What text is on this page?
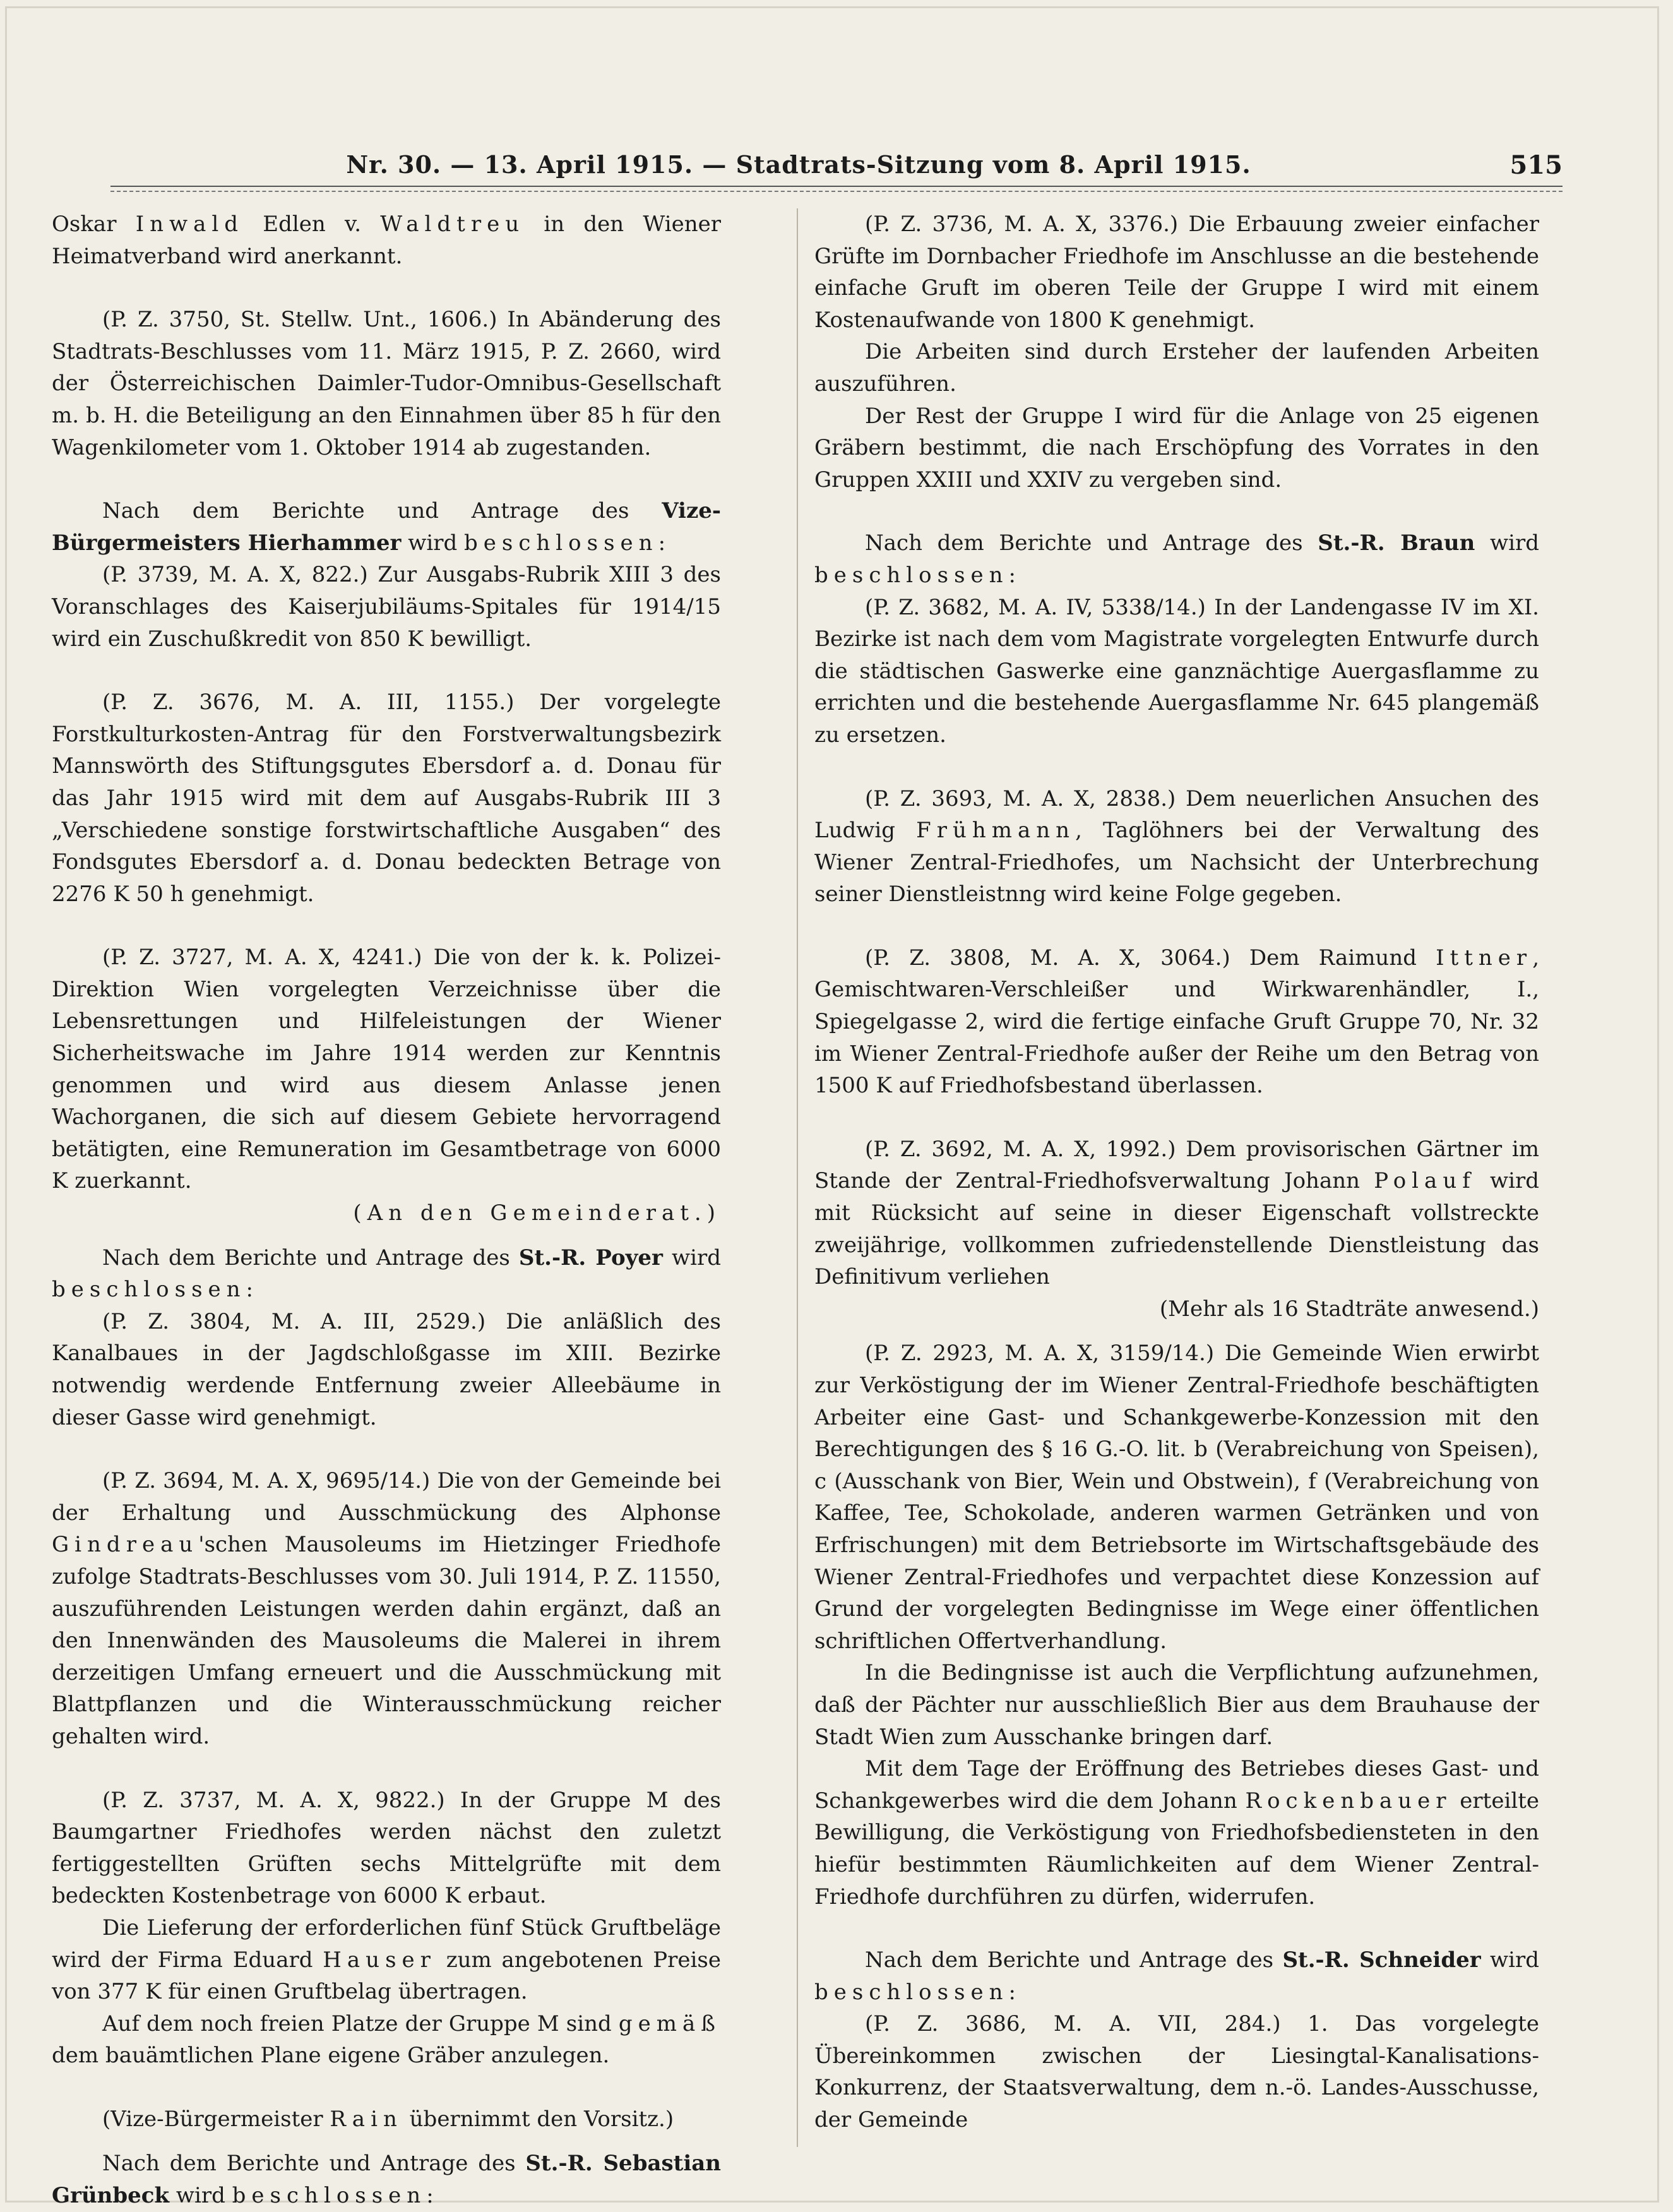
Nr. 30. — 13. April 1915. — Stadtrats-Sitzung vom 8. April 1915.	515

Oskar Inwald Edlen v. Waldtreu in den Wiener Heimatverband wird anerkannt.

(P. Z. 3750, St. Stellw. Unt., 1606.) In Abänderung des Stadtrats-Beschlusses vom 11. März 1915, P. Z. 2660, wird der Österreichischen Daimler-Tudor-Omnibus-Gesellschaft m. b. H. die Beteiligung an den Einnahmen über 85 h für den Wagenkilometer vom 1. Oktober 1914 ab zugestanden.

Nach dem Berichte und Antrage des Vize-Bürgermeisters Hierhammer wird beschlossen:

(P. 3739, M. A. X, 822.) Zur Ausgabs-Rubrik XIII 3 des Voranschlages des Kaiserjubiläums-Spitales für 1914/15 wird ein Zuschußkredit von 850 K bewilligt.

(P. Z. 3676, M. A. III, 1155.) Der vorgelegte Forstkulturkosten-Antrag für den Forstverwaltungsbezirk Mannswörth des Stiftungsgutes Ebersdorf a. d. Donau für das Jahr 1915 wird mit dem auf Ausgabs-Rubrik III 3 „Verschiedene sonstige forstwirtschaftliche Ausgaben“ des Fondsgutes Ebersdorf a. d. Donau bedeckten Betrage von 2276 K 50 h genehmigt.

(P. Z. 3727, M. A. X, 4241.) Die von der k. k. Polizei-Direktion Wien vorgelegten Verzeichnisse über die Lebensrettungen und Hilfeleistungen der Wiener Sicherheitswache im Jahre 1914 werden zur Kenntnis genommen und wird aus diesem Anlasse jenen Wachorganen, die sich auf diesem Gebiete hervorragend betätigten, eine Remuneration im Gesamtbetrage von 6000 K zuerkannt.

(An den Gemeinderat.)

Nach dem Berichte und Antrage des St.-R. Poyer wird beschlossen:

(P. Z. 3804, M. A. III, 2529.) Die anläßlich des Kanalbaues in der Jagdschloßgasse im XIII. Bezirke notwendig werdende Entfernung zweier Alleebäume in dieser Gasse wird genehmigt.

(P. Z. 3694, M. A. X, 9695/14.) Die von der Gemeinde bei der Erhaltung und Ausschmückung des Alphonse Gindreau'schen Mausoleums im Hietzinger Friedhofe zufolge Stadtrats-Beschlusses vom 30. Juli 1914, P. Z. 11550, auszuführenden Leistungen werden dahin ergänzt, daß an den Innenwänden des Mausoleums die Malerei in ihrem derzeitigen Umfang erneuert und die Ausschmückung mit Blattpflanzen und die Winterausschmückung reicher gehalten wird.

(P. Z. 3737, M. A. X, 9822.) In der Gruppe M des Baumgartner Friedhofes werden nächst den zuletzt fertiggestellten Grüften sechs Mittelgrüfte mit dem bedeckten Kostenbetrage von 6000 K erbaut.

Die Lieferung der erforderlichen fünf Stück Gruftbeläge wird der Firma Eduard Hauser zum angebotenen Preise von 377 K für einen Gruftbelag übertragen.

Auf dem noch freien Platze der Gruppe M sind gemäß dem bauämtlichen Plane eigene Gräber anzulegen.

(Vize-Bürgermeister Rain übernimmt den Vorsitz.)

Nach dem Berichte und Antrage des St.-R. Sebastian Grünbeck wird beschlossen:

(P. Z. 3736, M. A. X, 3376.) Die Erbauung zweier einfacher Grüfte im Dornbacher Friedhofe im Anschlusse an die bestehende einfache Gruft im oberen Teile der Gruppe I wird mit einem Kostenaufwande von 1800 K genehmigt.

Die Arbeiten sind durch Ersteher der laufenden Arbeiten auszuführen.

Der Rest der Gruppe I wird für die Anlage von 25 eigenen Gräbern bestimmt, die nach Erschöpfung des Vorrates in den Gruppen XXIII und XXIV zu vergeben sind.

Nach dem Berichte und Antrage des St.-R. Braun wird beschlossen:

(P. Z. 3682, M. A. IV, 5338/14.) In der Landengasse IV im XI. Bezirke ist nach dem vom Magistrate vorgelegten Entwurfe durch die städtischen Gaswerke eine ganznächtige Auergasflamme zu errichten und die bestehende Auergasflamme Nr. 645 plangemäß zu ersetzen.

(P. Z. 3693, M. A. X, 2838.) Dem neuerlichen Ansuchen des Ludwig Frühmann, Taglöhners bei der Verwaltung des Wiener Zentral-Friedhofes, um Nachsicht der Unterbrechung seiner Dienstleistnng wird keine Folge gegeben.

(P. Z. 3808, M. A. X, 3064.) Dem Raimund Ittner, Gemischtwaren-Verschleißer und Wirkwarenhändler, I., Spiegelgasse 2, wird die fertige einfache Gruft Gruppe 70, Nr. 32 im Wiener Zentral-Friedhofe außer der Reihe um den Betrag von 1500 K auf Friedhofsbestand überlassen.

(P. Z. 3692, M. A. X, 1992.) Dem provisorischen Gärtner im Stande der Zentral-Friedhofsverwaltung Johann Polauf wird mit Rücksicht auf seine in dieser Eigenschaft vollstreckte zweijährige, vollkommen zufriedenstellende Dienstleistung das Definitivum verliehen

(Mehr als 16 Stadträte anwesend.)

(P. Z. 2923, M. A. X, 3159/14.) Die Gemeinde Wien erwirbt zur Verköstigung der im Wiener Zentral-Friedhofe beschäftigten Arbeiter eine Gast- und Schankgewerbe-Konzession mit den Berechtigungen des § 16 G.-O. lit. b (Verabreichung von Speisen), c (Ausschank von Bier, Wein und Obstwein), f (Verabreichung von Kaffee, Tee, Schokolade, anderen warmen Getränken und von Erfrischungen) mit dem Betriebsorte im Wirtschaftsgebäude des Wiener Zentral-Friedhofes und verpachtet diese Konzession auf Grund der vorgelegten Bedingnisse im Wege einer öffentlichen schriftlichen Offertverhandlung.

In die Bedingnisse ist auch die Verpflichtung aufzunehmen, daß der Pächter nur ausschließlich Bier aus dem Brauhause der Stadt Wien zum Ausschanke bringen darf.

Mit dem Tage der Eröffnung des Betriebes dieses Gast- und Schankgewerbes wird die dem Johann Rockenbauer erteilte Bewilligung, die Verköstigung von Friedhofsbediensteten in den hiefür bestimmten Räumlichkeiten auf dem Wiener Zentral-Friedhofe durchführen zu dürfen, widerrufen.

Nach dem Berichte und Antrage des St.-R. Schneider wird beschlossen:

(P. Z. 3686, M. A. VII, 284.) 1. Das vorgelegte Übereinkommen zwischen der Liesingtal-Kanalisations-Konkurrenz, der Staatsverwaltung, dem n.-ö. Landes-Ausschusse, der Gemeinde
